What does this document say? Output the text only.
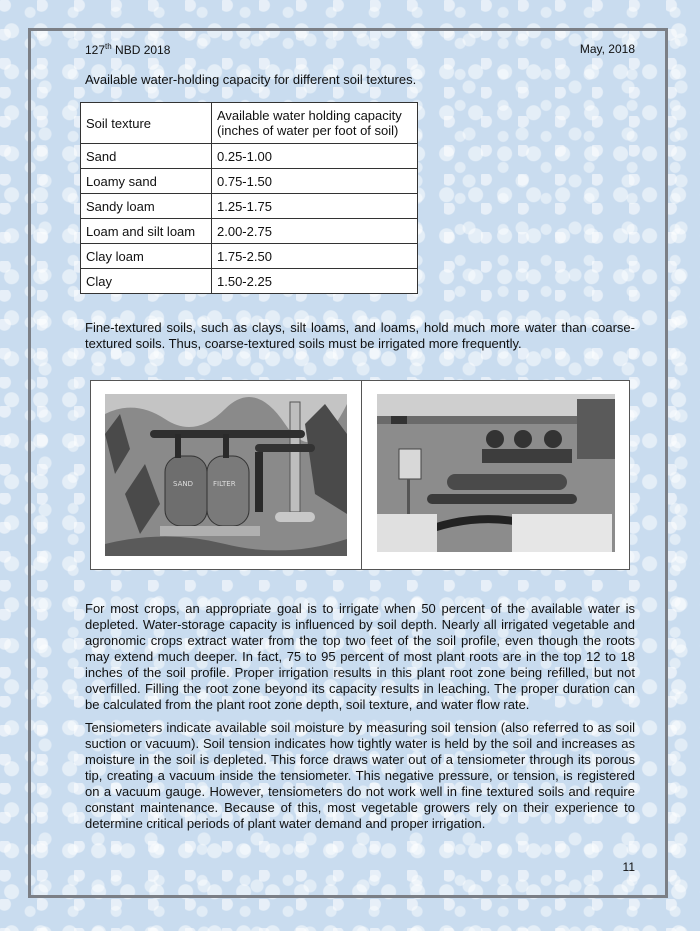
127th NBD 2018	May, 2018
Available water-holding capacity for different soil textures.
Soil texture	Available water holding capacity (inches of water per foot of soil)
Sand	0.25-1.00
Loamy sand	0.75-1.50
Sandy loam	1.25-1.75
Loam and silt loam	2.00-2.75
Clay loam	1.75-2.50
Clay	1.50-2.25

Fine-textured soils, such as clays, silt loams, and loams, hold much more water than coarse-textured soils. Thus, coarse-textured soils must be irrigated more frequently.

SAND	FILTER

For most crops, an appropriate goal is to irrigate when 50 percent of the available water is depleted. Water-storage capacity is influenced by soil depth. Nearly all irrigated vegetable and agronomic crops extract water from the top two feet of the soil profile, even though the roots may extend much deeper. In fact, 75 to 95 percent of most plant roots are in the top 12 to 18 inches of the soil profile. Proper irrigation results in this plant root zone being refilled, but not overfilled. Filling the root zone beyond its capacity results in leaching. The proper duration can be calculated from the plant root zone depth, soil texture, and water flow rate.

Tensiometers indicate available soil moisture by measuring soil tension (also referred to as soil suction or vacuum). Soil tension indicates how tightly water is held by the soil and increases as moisture in the soil is depleted. This force draws water out of a tensiometer through its porous tip, creating a vacuum inside the tensiometer. This negative pressure, or tension, is registered on a vacuum gauge. However, tensiometers do not work well in fine textured soils and require constant maintenance. Because of this, most vegetable growers rely on their experience to determine critical periods of plant water demand and proper irrigation.

11
